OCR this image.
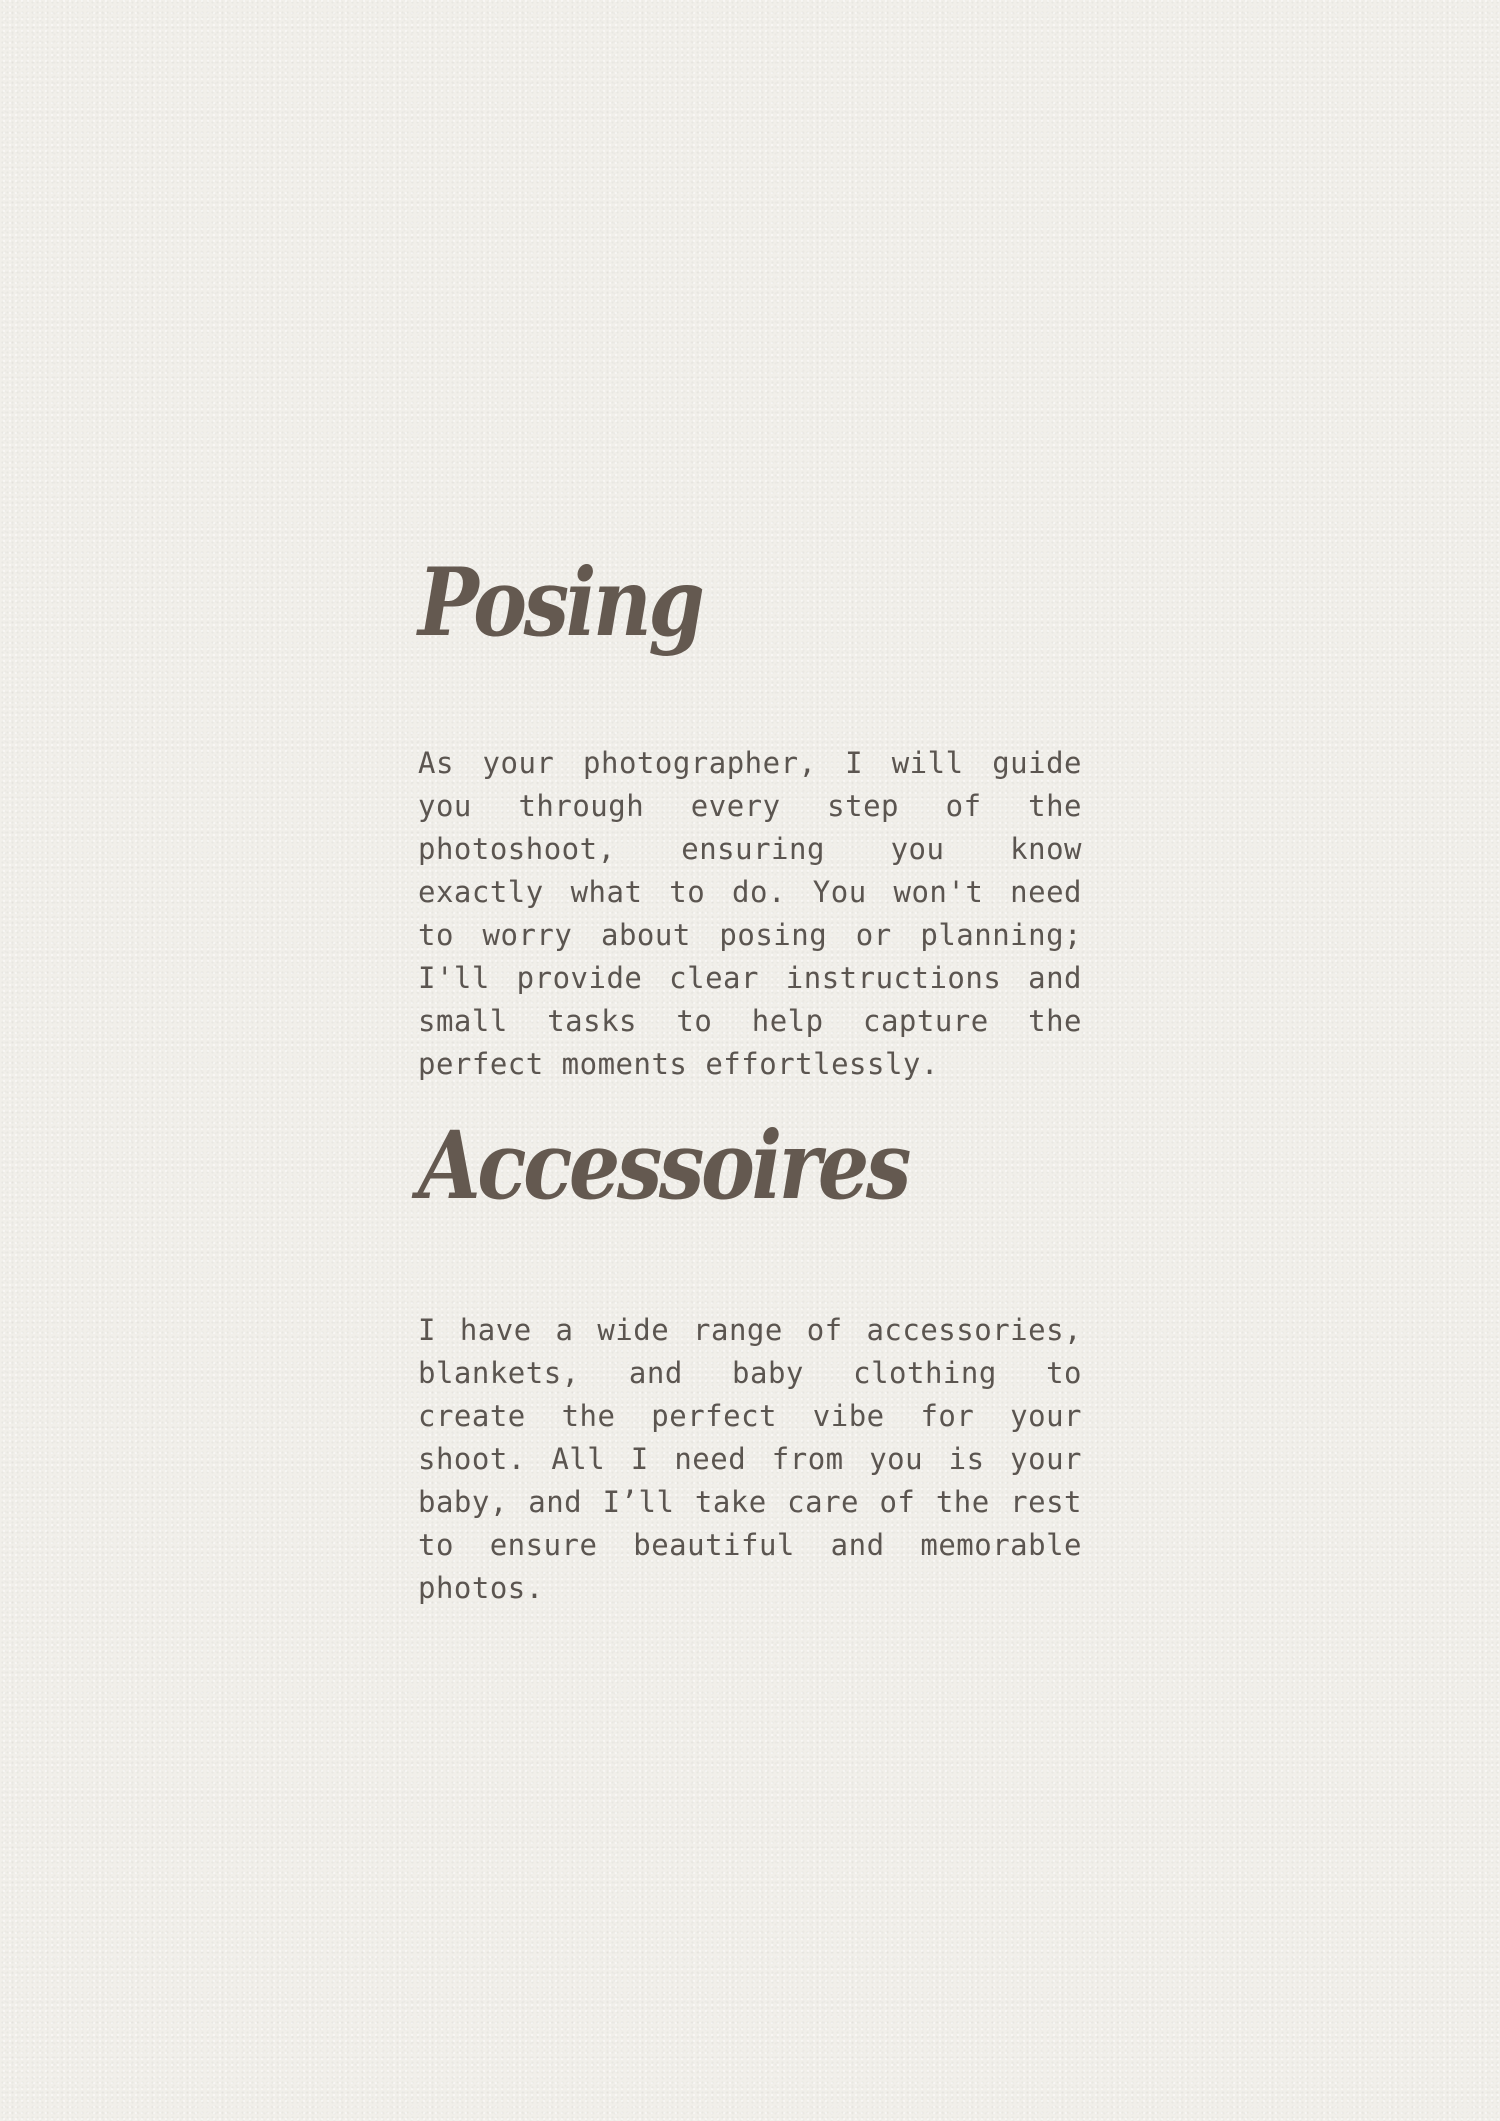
Posing

As your photographer, I will guide you through every step of the photoshoot, ensuring you know exactly what to do. You won't need to worry about posing or planning; I'll provide clear instructions and small tasks to help capture the perfect moments effortlessly.

Accessoires

I have a wide range of accessories, blankets, and baby clothing to create the perfect vibe for your shoot. All I need from you is your baby, and I’ll take care of the rest to ensure beautiful and memorable photos.
